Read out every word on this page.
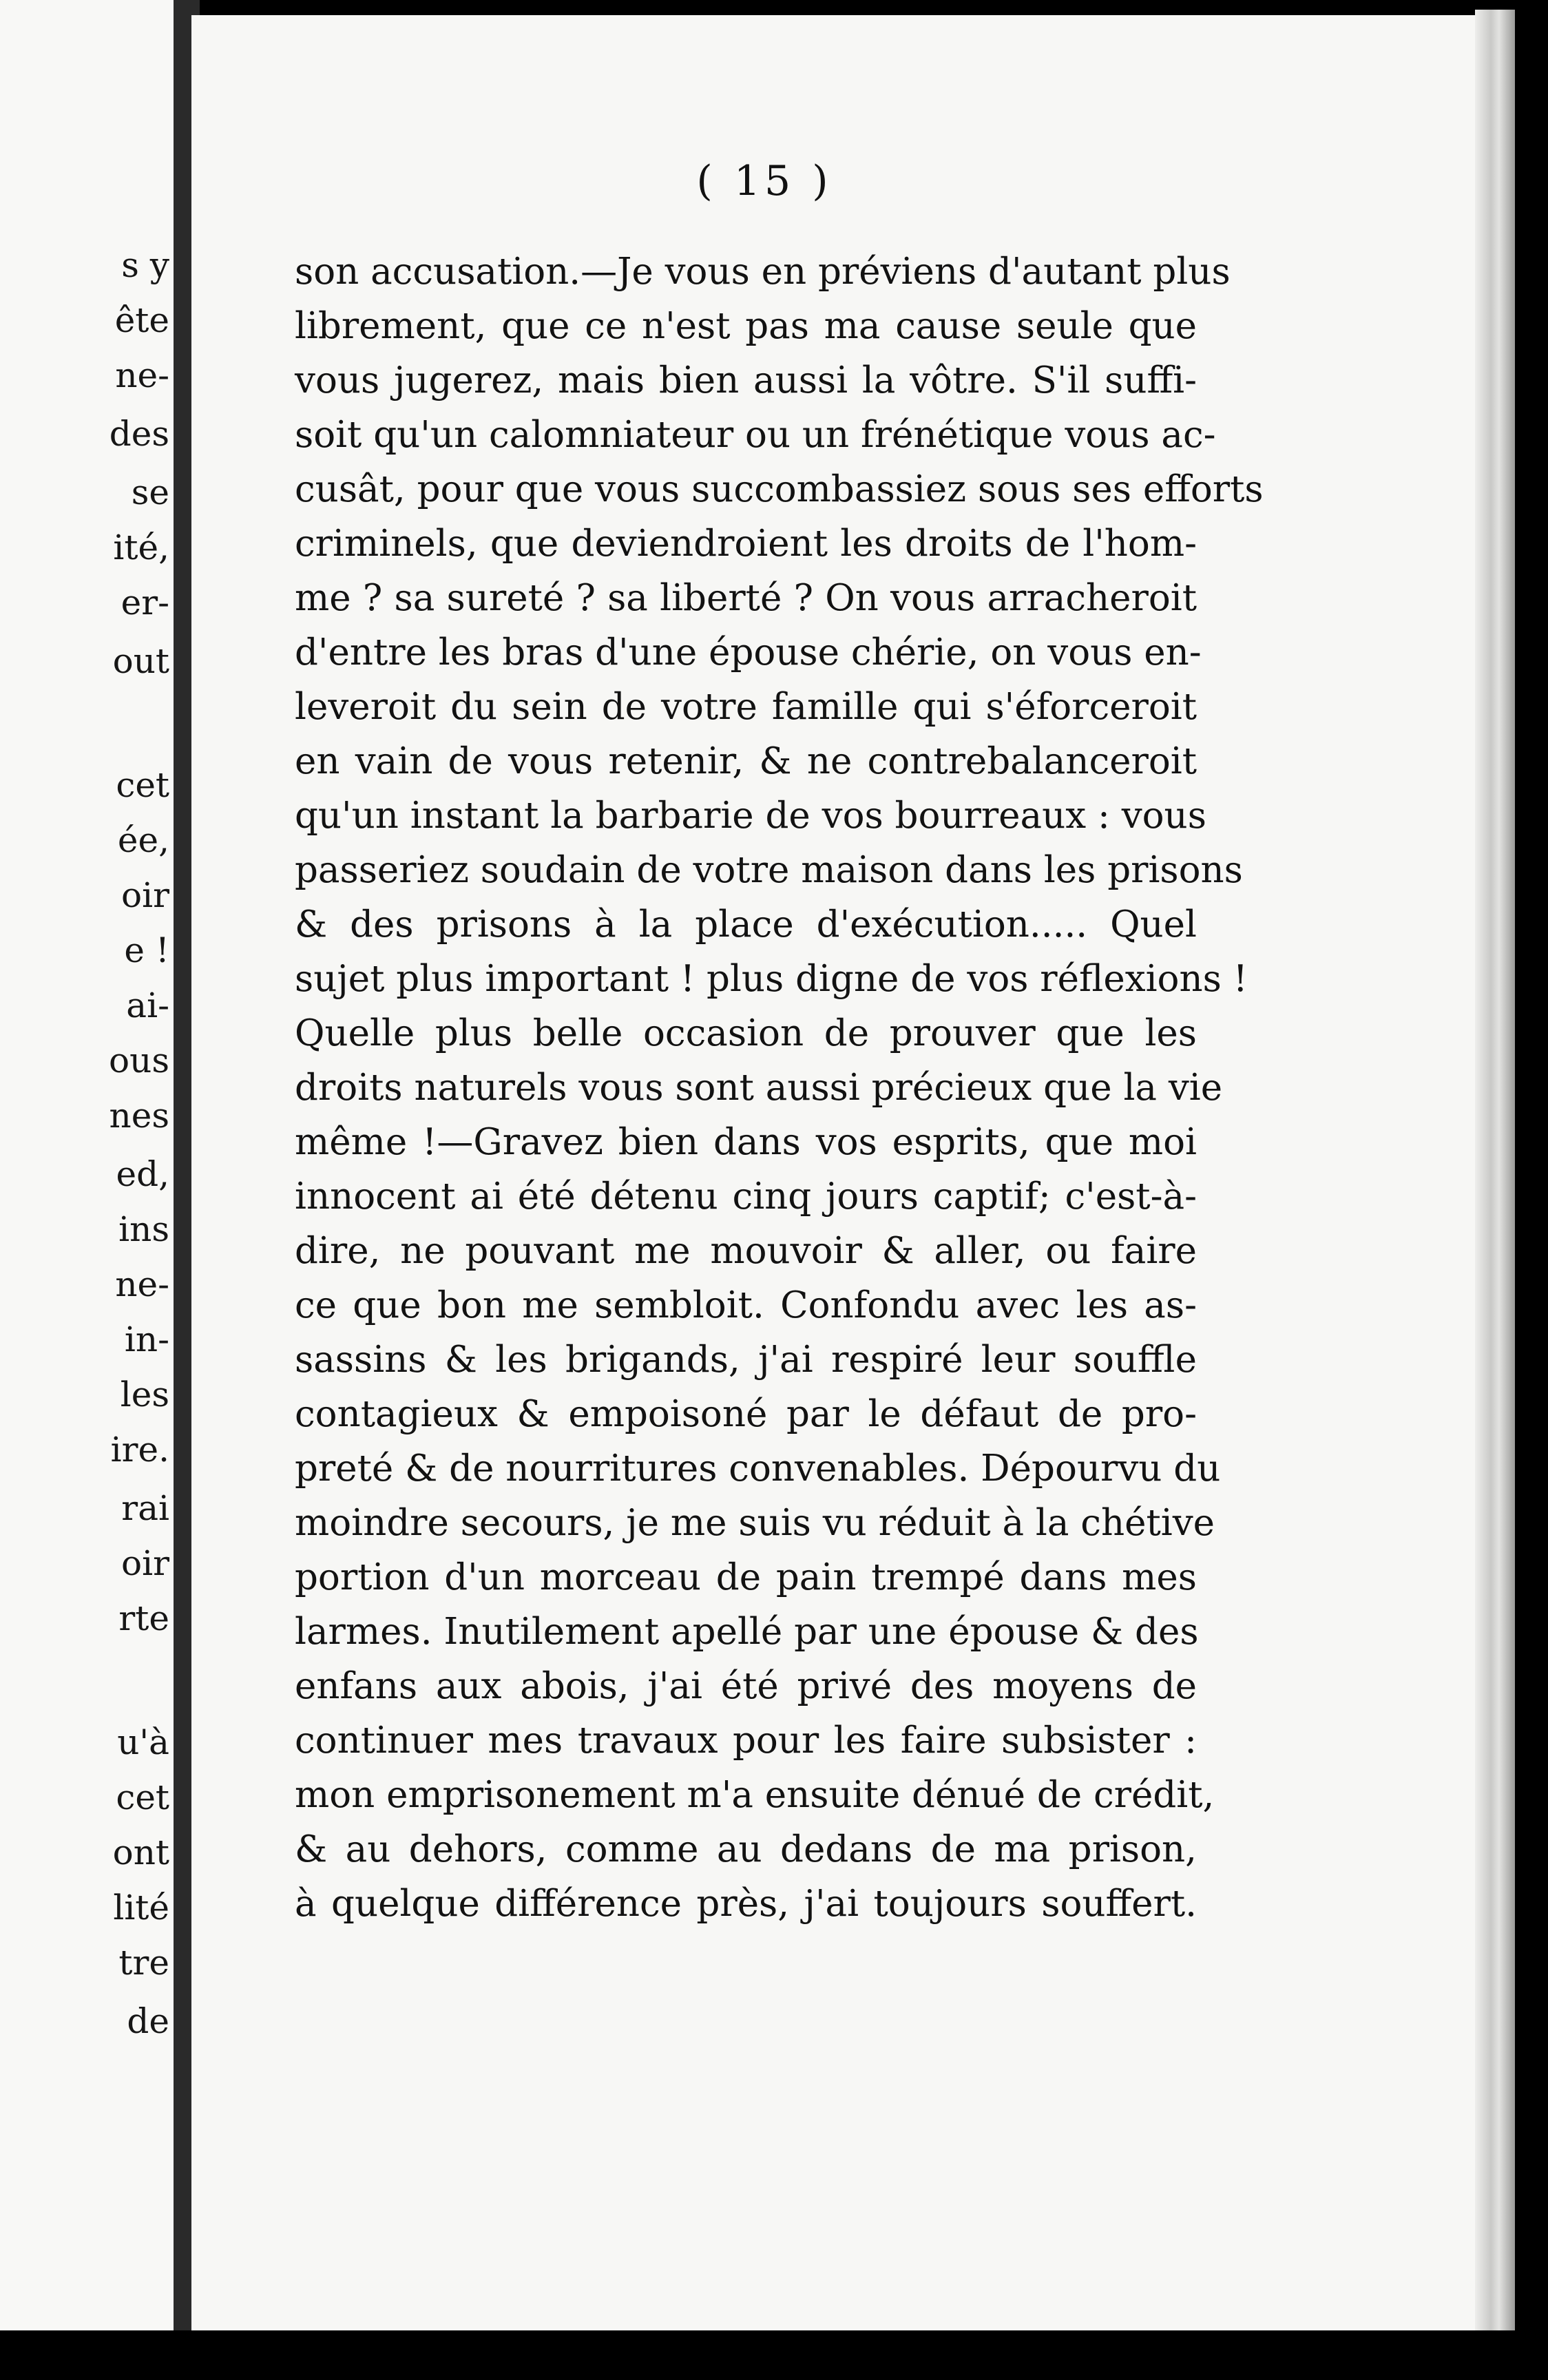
s y
ête
ne-
des
se
ité,
er-
out
cet
ée,
oir
e !
ai-
ous
nes
ed,
ins
ne-
in-
les
ire.
rai
oir
rte
u'à
cet
ont
lité
tre
de
( 15 )
son accusation.—Je vous en préviens d'autant plus
librement, que ce n'est pas ma cause seule que
vous jugerez, mais bien aussi la vôtre. S'il suffi-
soit qu'un calomniateur ou un frénétique vous ac-
cusât, pour que vous succombassiez sous ses efforts
criminels, que deviendroient les droits de l'hom-
me ? sa sureté ? sa liberté ? On vous arracheroit
d'entre les bras d'une épouse chérie, on vous en-
leveroit du sein de votre famille qui s'éforceroit
en vain de vous retenir, & ne contrebalanceroit
qu'un instant la barbarie de vos bourreaux : vous
passeriez soudain de votre maison dans les prisons
& des prisons à la place d'exécution..... Quel
sujet plus important ! plus digne de vos réflexions !
Quelle plus belle occasion de prouver que les
droits naturels vous sont aussi précieux que la vie
même !—Gravez bien dans vos esprits, que moi
innocent ai été détenu cinq jours captif; c'est-à-
dire, ne pouvant me mouvoir & aller, ou faire
ce que bon me sembloit. Confondu avec les as-
sassins & les brigands, j'ai respiré leur souffle
contagieux & empoisoné par le défaut de pro-
preté & de nourritures convenables. Dépourvu du
moindre secours, je me suis vu réduit à la chétive
portion d'un morceau de pain trempé dans mes
larmes. Inutilement apellé par une épouse & des
enfans aux abois, j'ai été privé des moyens de
continuer mes travaux pour les faire subsister :
mon emprisonement m'a ensuite dénué de crédit,
& au dehors, comme au dedans de ma prison,
à quelque différence près, j'ai toujours souffert.
